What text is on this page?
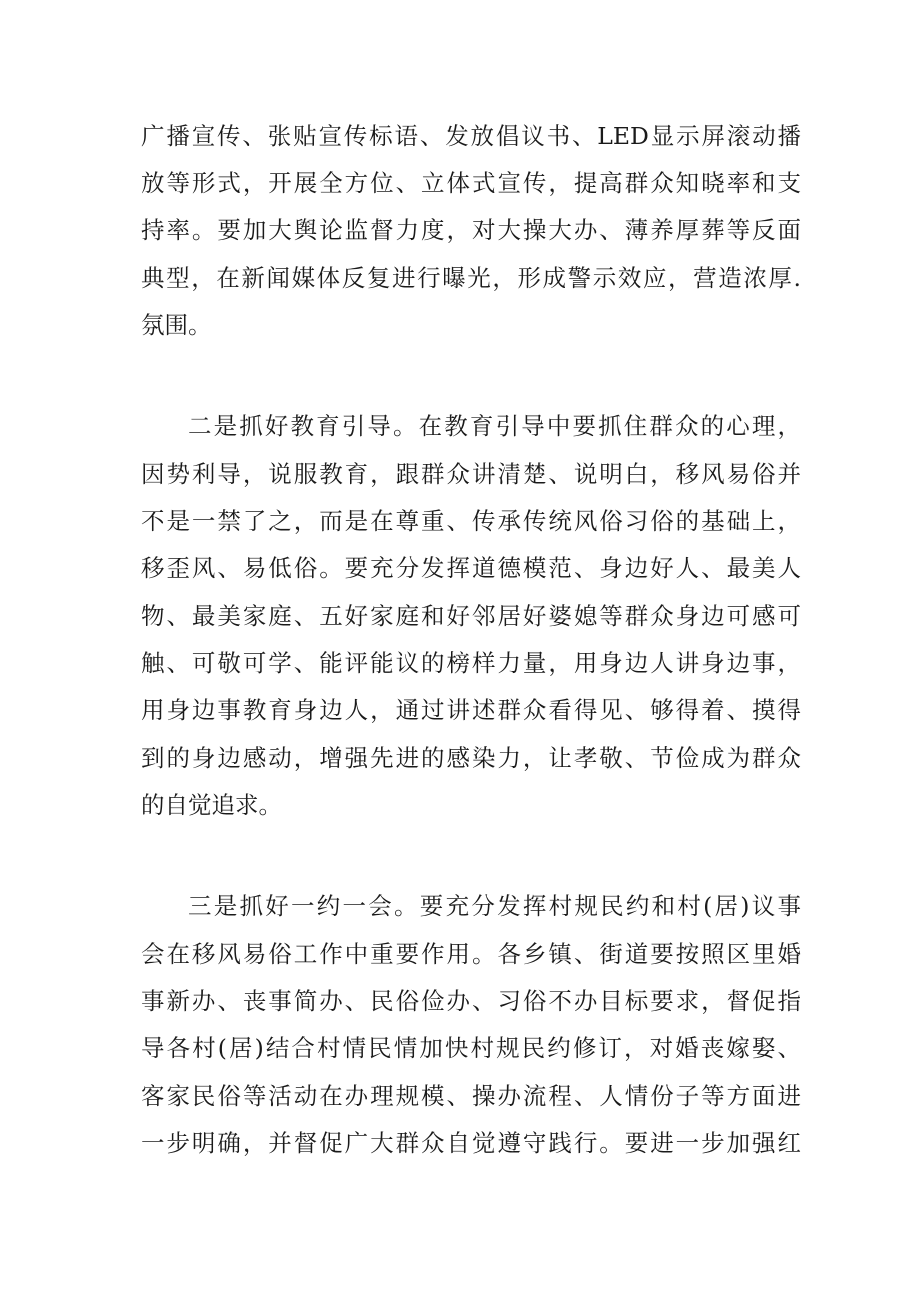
广播宣传、张贴宣传标语、发放倡议书、LED显示屏滚动播
放等形式，开展全方位、立体式宣传，提高群众知晓率和支
持率。要加大舆论监督力度，对大操大办、薄养厚葬等反面
典型，在新闻媒体反复进行曝光，形成警示效应，营造浓厚.
氛围。
二是抓好教育引导。在教育引导中要抓住群众的心理，
因势利导，说服教育，跟群众讲清楚、说明白，移风易俗并
不是一禁了之，而是在尊重、传承传统风俗习俗的基础上，
移歪风、易低俗。要充分发挥道德模范、身边好人、最美人
物、最美家庭、五好家庭和好邻居好婆媳等群众身边可感可
触、可敬可学、能评能议的榜样力量，用身边人讲身边事，
用身边事教育身边人，通过讲述群众看得见、够得着、摸得
到的身边感动，增强先进的感染力，让孝敬、节俭成为群众
的自觉追求。
三是抓好一约一会。要充分发挥村规民约和村(居)议事
会在移风易俗工作中重要作用。各乡镇、街道要按照区里婚
事新办、丧事简办、民俗俭办、习俗不办目标要求，督促指
导各村(居)结合村情民情加快村规民约修订，对婚丧嫁娶、
客家民俗等活动在办理规模、操办流程、人情份子等方面进
一步明确，并督促广大群众自觉遵守践行。要进一步加强红
